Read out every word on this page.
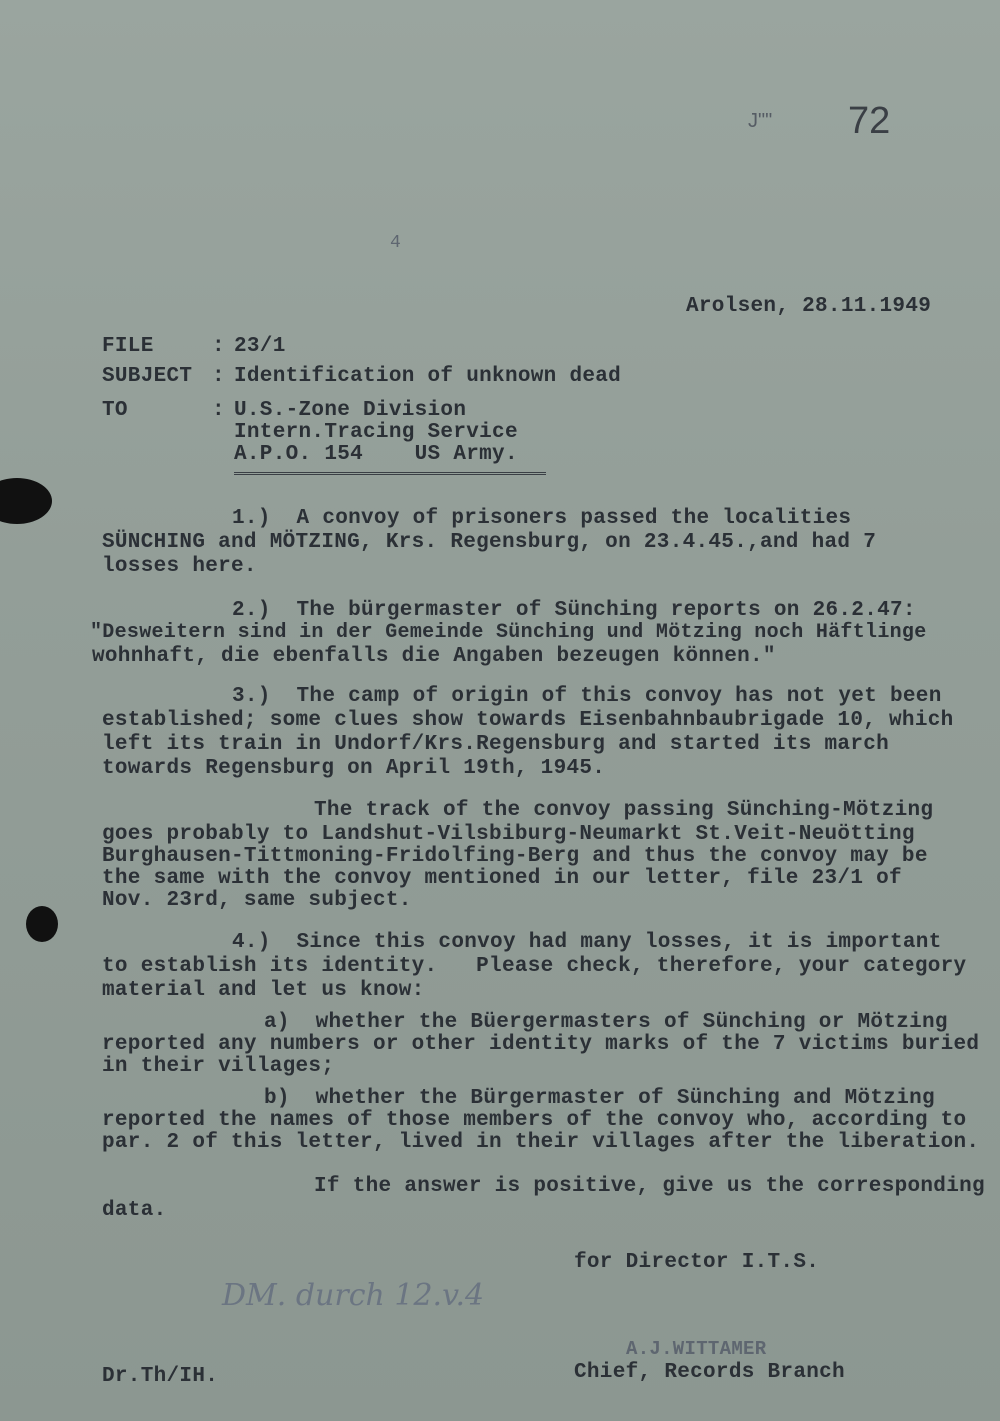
J"" 72
4
Arolsen, 28.11.1949
FILE	: 23/1
SUBJECT : Identification of unknown dead
TO	: U.S.-Zone Division
Intern.Tracing Service
A.P.O. 154    US Army.
1.)  A convoy of prisoners passed the localities
SÜNCHING and MÖTZING, Krs. Regensburg, on 23.4.45.,and had 7
losses here.
2.)  The bürgermaster of Sünching reports on 26.2.47:
"Desweitern sind in der Gemeinde Sünching und Mötzing noch Häftlinge
wohnhaft, die ebenfalls die Angaben bezeugen können."
3.)  The camp of origin of this convoy has not yet been
established; some clues show towards Eisenbahnbaubrigade 10, which
left its train in Undorf/Krs.Regensburg and started its march
towards Regensburg on April 19th, 1945.
The track of the convoy passing Sünching-Mötzing
goes probably to Landshut-Vilsbiburg-Neumarkt St.Veit-Neuötting
Burghausen-Tittmoning-Fridolfing-Berg and thus the convoy may be
the same with the convoy mentioned in our letter, file 23/1 of
Nov. 23rd, same subject.
4.)  Since this convoy had many losses, it is important
to establish its identity.   Please check, therefore, your category
material and let us know:
a)  whether the Büergermasters of Sünching or Mötzing
reported any numbers or other identity marks of the 7 victims buried
in their villages;
b)  whether the Bürgermaster of Sünching and Mötzing
reported the names of those members of the convoy who, according to
par. 2 of this letter, lived in their villages after the liberation.
If the answer is positive, give us the corresponding
data.
for Director I.T.S.
DM. durch 12.v.4
A.J.WITTAMER
Chief, Records Branch
Dr.Th/IH.
